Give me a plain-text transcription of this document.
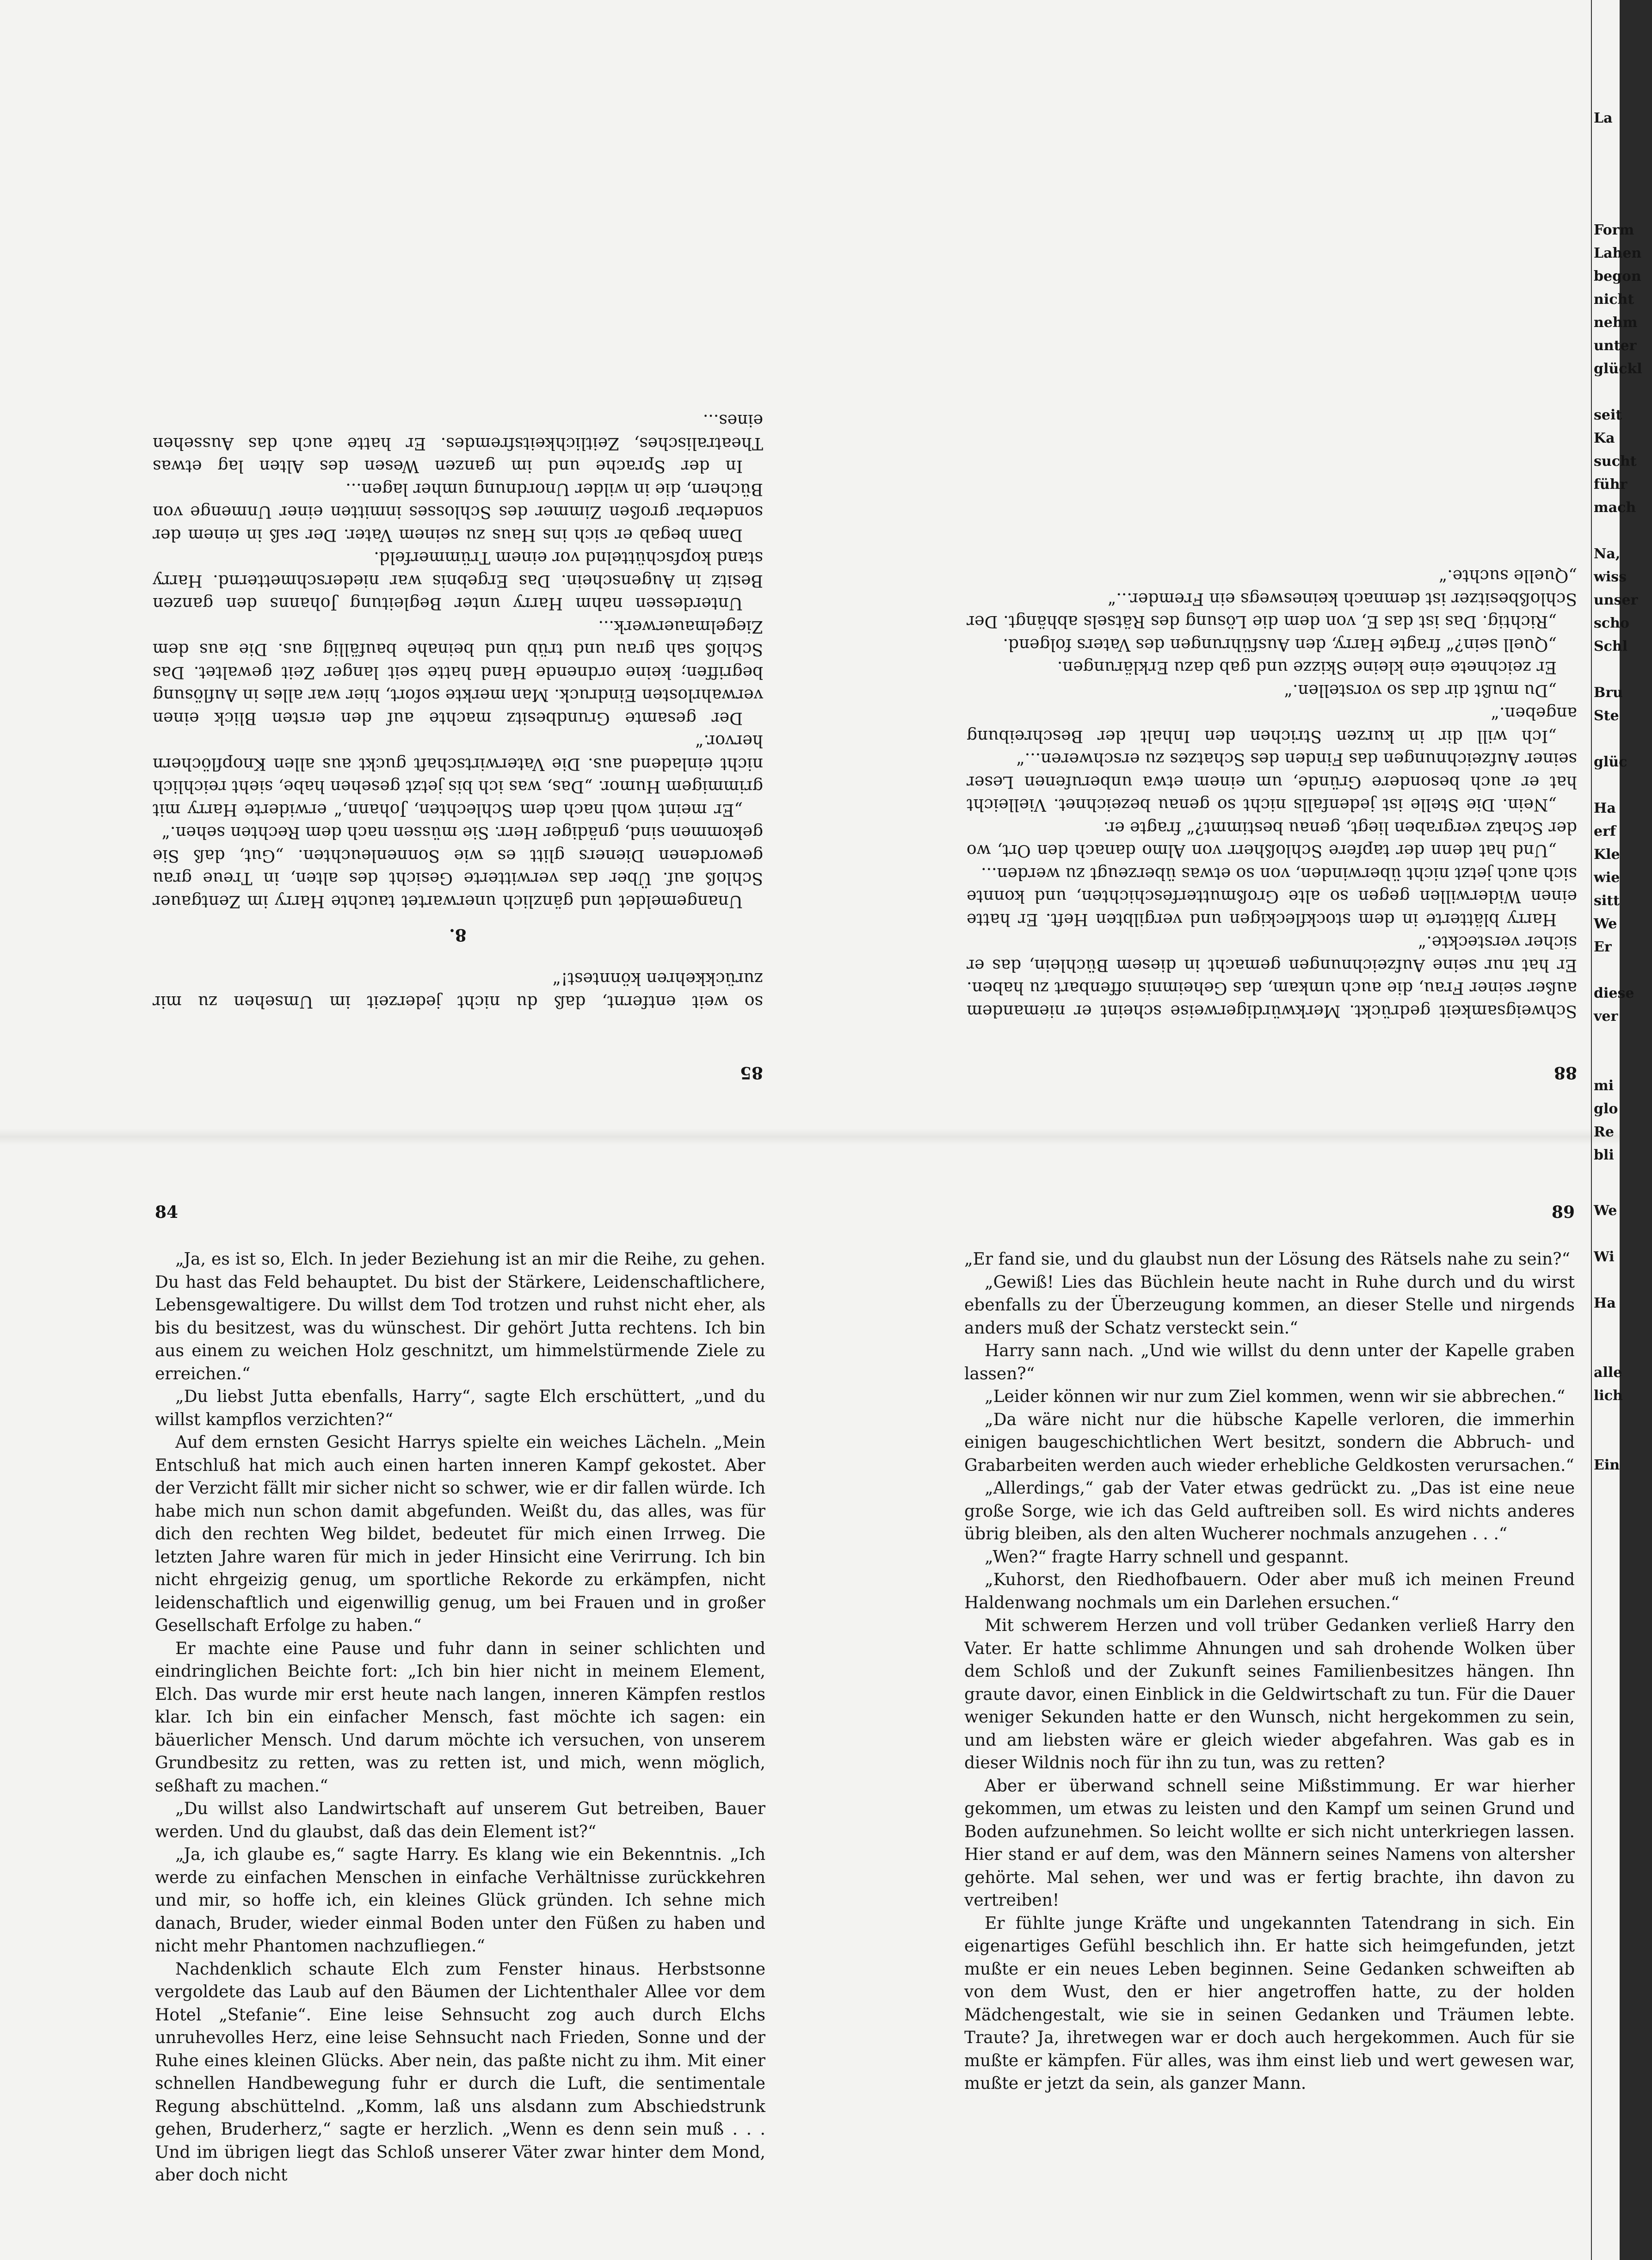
La
Form
Lahen
begon
nicht
nehm
unter
glückl
seit
Ka
sucht
führ
mach
Na,
wiss
unser
scho
Schl
Bru
Ste
glüc
Ha
erf
Kle
wie
sitt
We
Er
diese
ver
mi
glo
Re
bli
We
Wi
Ha
alle
lich
Ein
85

so weit entfernt, daß du nicht jederzeit im Umsehen zu mir zurückkehren könntest!“

8.

Unangemeldet und gänzlich unerwartet tauchte Harry im Zentgauer Schloß auf. Über das verwitterte Gesicht des alten, in Treue grau gewordenen Dieners glitt es wie Sonnenleuchten. „Gut, daß Sie gekommen sind, gnädiger Herr. Sie müssen nach dem Rechten sehen.“

„Er meint wohl nach dem Schlechten, Johann,“ erwiderte Harry mit grimmigem Humor. „Das, was ich bis jetzt gesehen habe, sieht reichlich nicht einladend aus. Die Vaterwirtschaft guckt aus allen Knopflöchern hervor.“

Der gesamte Grundbesitz machte auf den ersten Blick einen verwahrlosten Eindruck. Man merkte sofort, hier war alles in Auflösung begriffen; keine ordnende Hand hatte seit langer Zeit gewaltet. Das Schloß sah grau und trüb und beinahe baufällig aus. Die aus dem Ziegelmauerwerk...

Unterdessen nahm Harry unter Begleitung Johanns den ganzen Besitz in Augenschein. Das Ergebnis war niederschmetternd. Harry stand kopfschüttelnd vor einem Trümmerfeld.

Dann begab er sich ins Haus zu seinem Vater. Der saß in einem der sonderbar großen Zimmer des Schlosses inmitten einer Unmenge von Büchern, die in wilder Unordnung umher lagen...

In der Sprache und im ganzen Wesen des Alten lag etwas Theatralisches, Zeitlichkeitsfremdes. Er hatte auch das Aussehen eines...

88

Schweigsamkeit gedrückt. Merkwürdigerweise scheint er niemandem außer seiner Frau, die auch umkam, das Geheimnis offenbart zu haben. Er hat nur seine Aufzeichnungen gemacht in diesem Büchlein, das er sicher versteckte.“

Harry blätterte in dem stockfleckigen und vergilbten Heft. Er hatte einen Widerwillen gegen so alte Großmutterfeschichten, und konnte sich auch jetzt nicht überwinden, von so etwas überzeugt zu werden...

„Und hat denn der tapfere Schloßherr von Almo danach den Ort, wo der Schatz vergraben liegt, genau bestimmt?“ fragte er.

„Nein. Die Stelle ist jedenfalls nicht so genau bezeichnet. Vielleicht hat er auch besondere Gründe, um einem etwa unberufenen Leser seiner Aufzeichnungen das Finden des Schatzes zu erschweren...“

„Ich will dir in kurzen Strichen den Inhalt der Beschreibung angeben.“

„Du mußt dir das so vorstellen.“

Er zeichnete eine kleine Skizze und gab dazu Erklärungen.

„Quell sein?“ fragte Harry, den Ausführungen des Vaters folgend.

„Richtig. Das ist das E, von dem die Lösung des Rätsels abhängt. Der Schloßbesitzer ist demnach keineswegs ein Fremder...“

„Quelle suchte.“

84

„Ja, es ist so, Elch. In jeder Beziehung ist an mir die Reihe, zu gehen. Du hast das Feld behauptet. Du bist der Stärkere, Leidenschaftlichere, Lebensgewaltigere. Du willst dem Tod trotzen und ruhst nicht eher, als bis du besitzest, was du wünschest. Dir gehört Jutta rechtens. Ich bin aus einem zu weichen Holz geschnitzt, um himmelstürmende Ziele zu erreichen.“

„Du liebst Jutta ebenfalls, Harry“, sagte Elch erschüttert, „und du willst kampflos verzichten?“

Auf dem ernsten Gesicht Harrys spielte ein weiches Lächeln. „Mein Entschluß hat mich auch einen harten inneren Kampf gekostet. Aber der Verzicht fällt mir sicher nicht so schwer, wie er dir fallen würde. Ich habe mich nun schon damit abgefunden. Weißt du, das alles, was für dich den rechten Weg bildet, bedeutet für mich einen Irrweg. Die letzten Jahre waren für mich in jeder Hinsicht eine Verirrung. Ich bin nicht ehrgeizig genug, um sportliche Rekorde zu erkämpfen, nicht leidenschaftlich und eigenwillig genug, um bei Frauen und in großer Gesellschaft Erfolge zu haben.“

Er machte eine Pause und fuhr dann in seiner schlichten und eindringlichen Beichte fort: „Ich bin hier nicht in meinem Element, Elch. Das wurde mir erst heute nach langen, inneren Kämpfen restlos klar. Ich bin ein einfacher Mensch, fast möchte ich sagen: ein bäuerlicher Mensch. Und darum möchte ich versuchen, von unserem Grundbesitz zu retten, was zu retten ist, und mich, wenn möglich, seßhaft zu machen.“

„Du willst also Landwirtschaft auf unserem Gut betreiben, Bauer werden. Und du glaubst, daß das dein Element ist?“

„Ja, ich glaube es,“ sagte Harry. Es klang wie ein Bekenntnis. „Ich werde zu einfachen Menschen in einfache Verhältnisse zurückkehren und mir, so hoffe ich, ein kleines Glück gründen. Ich sehne mich danach, Bruder, wieder einmal Boden unter den Füßen zu haben und nicht mehr Phantomen nachzufliegen.“

Nachdenklich schaute Elch zum Fenster hinaus. Herbstsonne vergoldete das Laub auf den Bäumen der Lichtenthaler Allee vor dem Hotel „Stefanie“. Eine leise Sehnsucht zog auch durch Elchs unruhevolles Herz, eine leise Sehnsucht nach Frieden, Sonne und der Ruhe eines kleinen Glücks. Aber nein, das paßte nicht zu ihm. Mit einer schnellen Handbewegung fuhr er durch die Luft, die sentimentale Regung abschüttelnd. „Komm, laß uns alsdann zum Abschiedstrunk gehen, Bruderherz,“ sagte er herzlich. „Wenn es denn sein muß . . . Und im übrigen liegt das Schloß unserer Väter zwar hinter dem Mond, aber doch nicht

89

„Er fand sie, und du glaubst nun der Lösung des Rätsels nahe zu sein?“

„Gewiß! Lies das Büchlein heute nacht in Ruhe durch und du wirst ebenfalls zu der Überzeugung kommen, an dieser Stelle und nirgends anders muß der Schatz versteckt sein.“

Harry sann nach. „Und wie willst du denn unter der Kapelle graben lassen?“

„Leider können wir nur zum Ziel kommen, wenn wir sie abbrechen.“

„Da wäre nicht nur die hübsche Kapelle verloren, die immerhin einigen baugeschichtlichen Wert besitzt, sondern die Abbruch- und Grabarbeiten werden auch wieder erhebliche Geldkosten verursachen.“

„Allerdings,“ gab der Vater etwas gedrückt zu. „Das ist eine neue große Sorge, wie ich das Geld auftreiben soll. Es wird nichts anderes übrig bleiben, als den alten Wucherer nochmals anzugehen . . .“

„Wen?“ fragte Harry schnell und gespannt.

„Kuhorst, den Riedhofbauern. Oder aber muß ich meinen Freund Haldenwang nochmals um ein Darlehen ersuchen.“

Mit schwerem Herzen und voll trüber Gedanken verließ Harry den Vater. Er hatte schlimme Ahnungen und sah drohende Wolken über dem Schloß und der Zukunft seines Familienbesitzes hängen. Ihn graute davor, einen Einblick in die Geldwirtschaft zu tun. Für die Dauer weniger Sekunden hatte er den Wunsch, nicht hergekommen zu sein, und am liebsten wäre er gleich wieder abgefahren. Was gab es in dieser Wildnis noch für ihn zu tun, was zu retten?

Aber er überwand schnell seine Mißstimmung. Er war hierher gekommen, um etwas zu leisten und den Kampf um seinen Grund und Boden aufzunehmen. So leicht wollte er sich nicht unterkriegen lassen. Hier stand er auf dem, was den Männern seines Namens von altersher gehörte. Mal sehen, wer und was er fertig brachte, ihn davon zu vertreiben!

Er fühlte junge Kräfte und ungekannten Tatendrang in sich. Ein eigenartiges Gefühl beschlich ihn. Er hatte sich heimgefunden, jetzt mußte er ein neues Leben beginnen. Seine Gedanken schweiften ab von dem Wust, den er hier angetroffen hatte, zu der holden Mädchengestalt, wie sie in seinen Gedanken und Träumen lebte. Traute? Ja, ihretwegen war er doch auch hergekommen. Auch für sie mußte er kämpfen. Für alles, was ihm einst lieb und wert gewesen war, mußte er jetzt da sein, als ganzer Mann.
